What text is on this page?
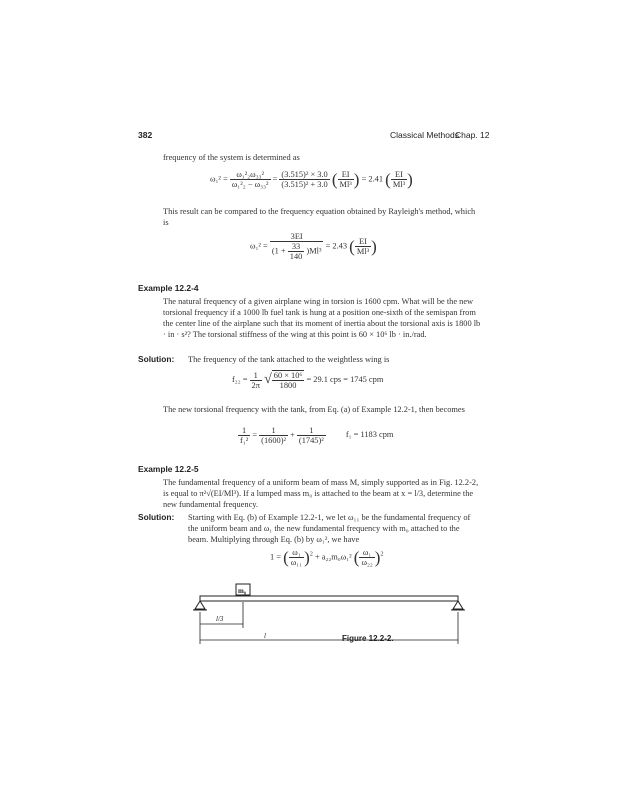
382	Classical Methods
Chap. 12
frequency of the system is determined as
$\omega_1^2 = \frac{\text{ω₁²₂ω₃₃²}}{\text{ω₁²₂ − ω₃₃²}} = \frac{\text{(3.515)² × 3.0}}{\text{(3.515)² + 3.0}}$ ( $\frac{EI}{\text{Ml³}}$ ) = 2.41 ( $\frac{EI}{\text{Ml³}}$ )
This result can be compared to the frequency equation obtained by Rayleigh's method, which is
$\omega_1^2 = \frac{3EI}{(1 + \frac{33}{140} )Ml^3} = 2.43$ ( $\frac{EI}{\text{Ml³}}$ )
Example 12.2-4
The natural frequency of a given airplane wing in torsion is 1600 cpm. What will be the new torsional frequency if a 1000 lb fuel tank is hung at a position one-sixth of the semispan from the center line of the airplane such that its moment of inertia about the torsional axis is 1800 lb · in · s²? The torsional stiffness of the wing at this point is 60 × 10⁶ lb · in./rad.
Solution: The frequency of the tank attached to the weightless wing is
$f_{22} = \frac{1}{2\pi}$ √ $\frac{\text{60 × 10⁶}}{1800} = 29.1$ cps = 1745 cpm
The new torsional frequency with the tank, from Eq. (a) of Example 12.2-1, then becomes
$\frac{1}{\text{f₁²}} = \frac{1}{\text{(1600)²}} + \frac{1}{\text{(1745)²}} f_1 = 1183$ cpm
Example 12.2-5
The fundamental frequency of a uniform beam of mass M, simply supported as in Fig. 12.2-2, is equal to π²√(EI/Ml³). If a lumped mass m₀ is attached to the beam at x = l/3, determine the new fundamental frequency.
Solution: Starting with Eq. (b) of Example 12.2-1, we let ω₁₁ be the fundamental frequency of the uniform beam and ω₁ the new fundamental frequency with m₀ attached to the beam. Multiplying through Eq. (b) by ω₁², we have
1 = ( $\frac{\text{ω₁}}{\text{ω₁₁}} )^2 + a_{22}m_0\omega_1^2$ ( $\frac{\text{ω₁}}{\text{ω₂₂}} )^2$
m₀
l/3
l	Figure 12.2-2.
